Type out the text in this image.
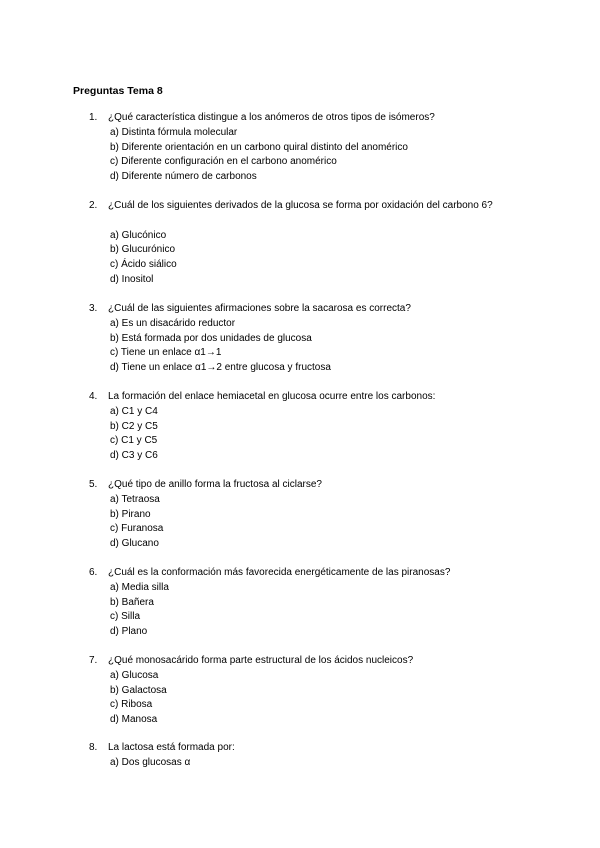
Preguntas Tema 8
1. ¿Qué característica distingue a los anómeros de otros tipos de isómeros?
a) Distinta fórmula molecular
b) Diferente orientación en un carbono quiral distinto del anomérico
c) Diferente configuración en el carbono anomérico
d) Diferente número de carbonos
2. ¿Cuál de los siguientes derivados de la glucosa se forma por oxidación del carbono 6?
a) Glucónico
b) Glucurónico
c) Ácido siálico
d) Inositol
3. ¿Cuál de las siguientes afirmaciones sobre la sacarosa es correcta?
a) Es un disacárido reductor
b) Está formada por dos unidades de glucosa
c) Tiene un enlace α1→1
d) Tiene un enlace α1→2 entre glucosa y fructosa
4. La formación del enlace hemiacetal en glucosa ocurre entre los carbonos:
a) C1 y C4
b) C2 y C5
c) C1 y C5
d) C3 y C6
5. ¿Qué tipo de anillo forma la fructosa al ciclarse?
a) Tetraosa
b) Pirano
c) Furanosa
d) Glucano
6. ¿Cuál es la conformación más favorecida energéticamente de las piranosas?
a) Media silla
b) Bañera
c) Silla
d) Plano
7. ¿Qué monosacárido forma parte estructural de los ácidos nucleicos?
a) Glucosa
b) Galactosa
c) Ribosa
d) Manosa
8. La lactosa está formada por:
a) Dos glucosas α
